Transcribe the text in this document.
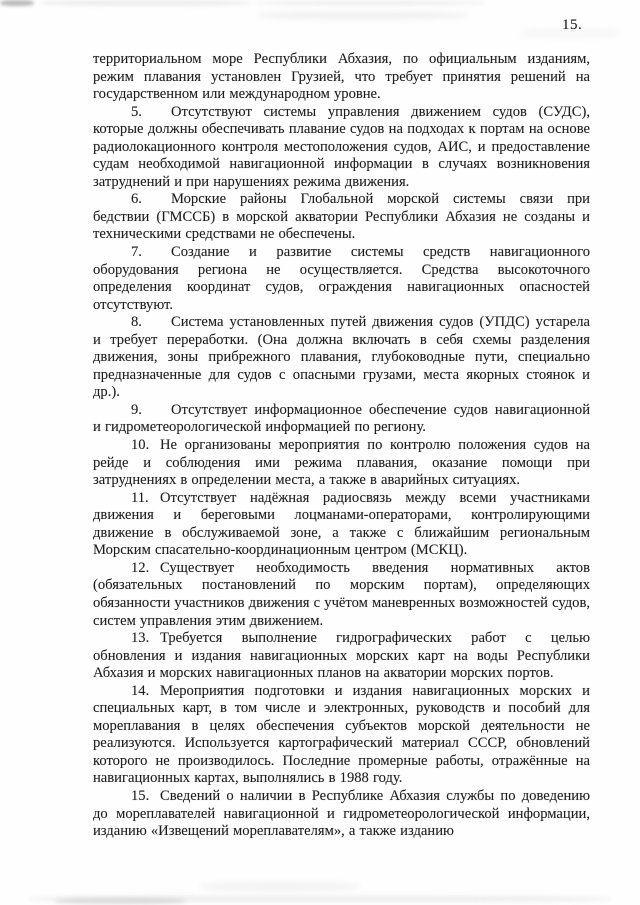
15.

территориальном море Республики Абхазия, по официальным изданиям, режим плавания установлен Грузией, что требует принятия решений на государственном или международном уровне.

5. Отсутствуют системы управления движением судов (СУДС), которые должны обеспечивать плавание судов на подходах к портам на основе радиолокационного контроля местоположения судов, АИС, и предоставление судам необходимой навигационной информации в случаях возникновения затруднений и при нарушениях режима движения.

6. Морские районы Глобальной морской системы связи при бедствии (ГМССБ) в морской акватории Республики Абхазия не созданы и техническими средствами не обеспечены.

7. Создание и развитие системы средств навигационного оборудования региона не осуществляется. Средства высокоточного определения координат судов, ограждения навигационных опасностей отсутствуют.

8. Система установленных путей движения судов (УПДС) устарела и требует переработки. (Она должна включать в себя схемы разделения движения, зоны прибрежного плавания, глубоководные пути, специально предназначенные для судов с опасными грузами, места якорных стоянок и др.).

9. Отсутствует информационное обеспечение судов навигационной и гидрометеорологической информацией по региону.

10. Не организованы мероприятия по контролю положения судов на рейде и соблюдения ими режима плавания, оказание помощи при затруднениях в определении места, а также в аварийных ситуациях.

11. Отсутствует надёжная радиосвязь между всеми участниками движения и береговыми лоцманами-операторами, контролирующими движение в обслуживаемой зоне, а также с ближайшим региональным Морским спасательно-координационным центром (МСКЦ).

12. Существует необходимость введения нормативных актов (обязательных постановлений по морским портам), определяющих обязанности участников движения с учётом маневренных возможностей судов, систем управления этим движением.

13. Требуется выполнение гидрографических работ с целью обновления и издания навигационных морских карт на воды Республики Абхазия и морских навигационных планов на акватории морских портов.

14. Мероприятия подготовки и издания навигационных морских и специальных карт, в том числе и электронных, руководств и пособий для мореплавания в целях обеспечения субъектов морской деятельности не реализуются. Используется картографический материал СССР, обновлений которого не производилось. Последние промерные работы, отражённые на навигационных картах, выполнялись в 1988 году.

15. Сведений о наличии в Республике Абхазия службы по доведению до мореплавателей навигационной и гидрометеорологической информации, изданию «Извещений мореплавателям», а также изданию
